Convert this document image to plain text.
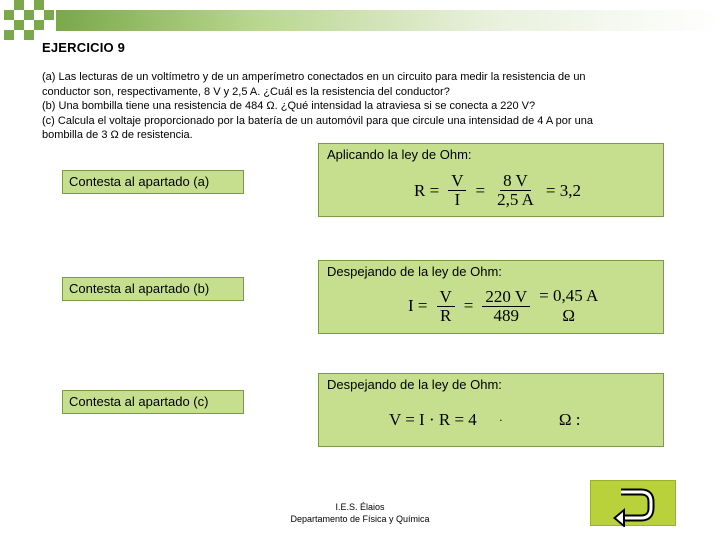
EJERCICIO 9
(a) Las lecturas de un voltímetro y de un amperímetro conectados en un circuito para medir la resistencia de un
conductor son, respectivamente, 8 V y 2,5 A. ¿Cuál es la resistencia del conductor?
(b) Una bombilla tiene una resistencia de 484 Ω. ¿Qué intensidad la atraviesa si se conecta a 220 V?
(c) Calcula el voltaje proporcionado por la batería de un automóvil para que circule una intensidad de 4 A por una
bombilla de 3 Ω de resistencia.
Contesta al apartado (a)
Contesta al apartado (b)
Contesta al apartado (c)
Aplicando la ley de Ohm:
$R = \frac{V}{I} = \frac{8 V}{2,5 A} = 3,2$
Despejando de la ley de Ohm:
$I = \frac{V}{R} = \frac{220 V}{489} = 0,45$ A
Ω
Despejando de la ley de Ohm:
V = I · R = 4 ·	Ω :
I.E.S. Élaios
Departamento de Física y Química
